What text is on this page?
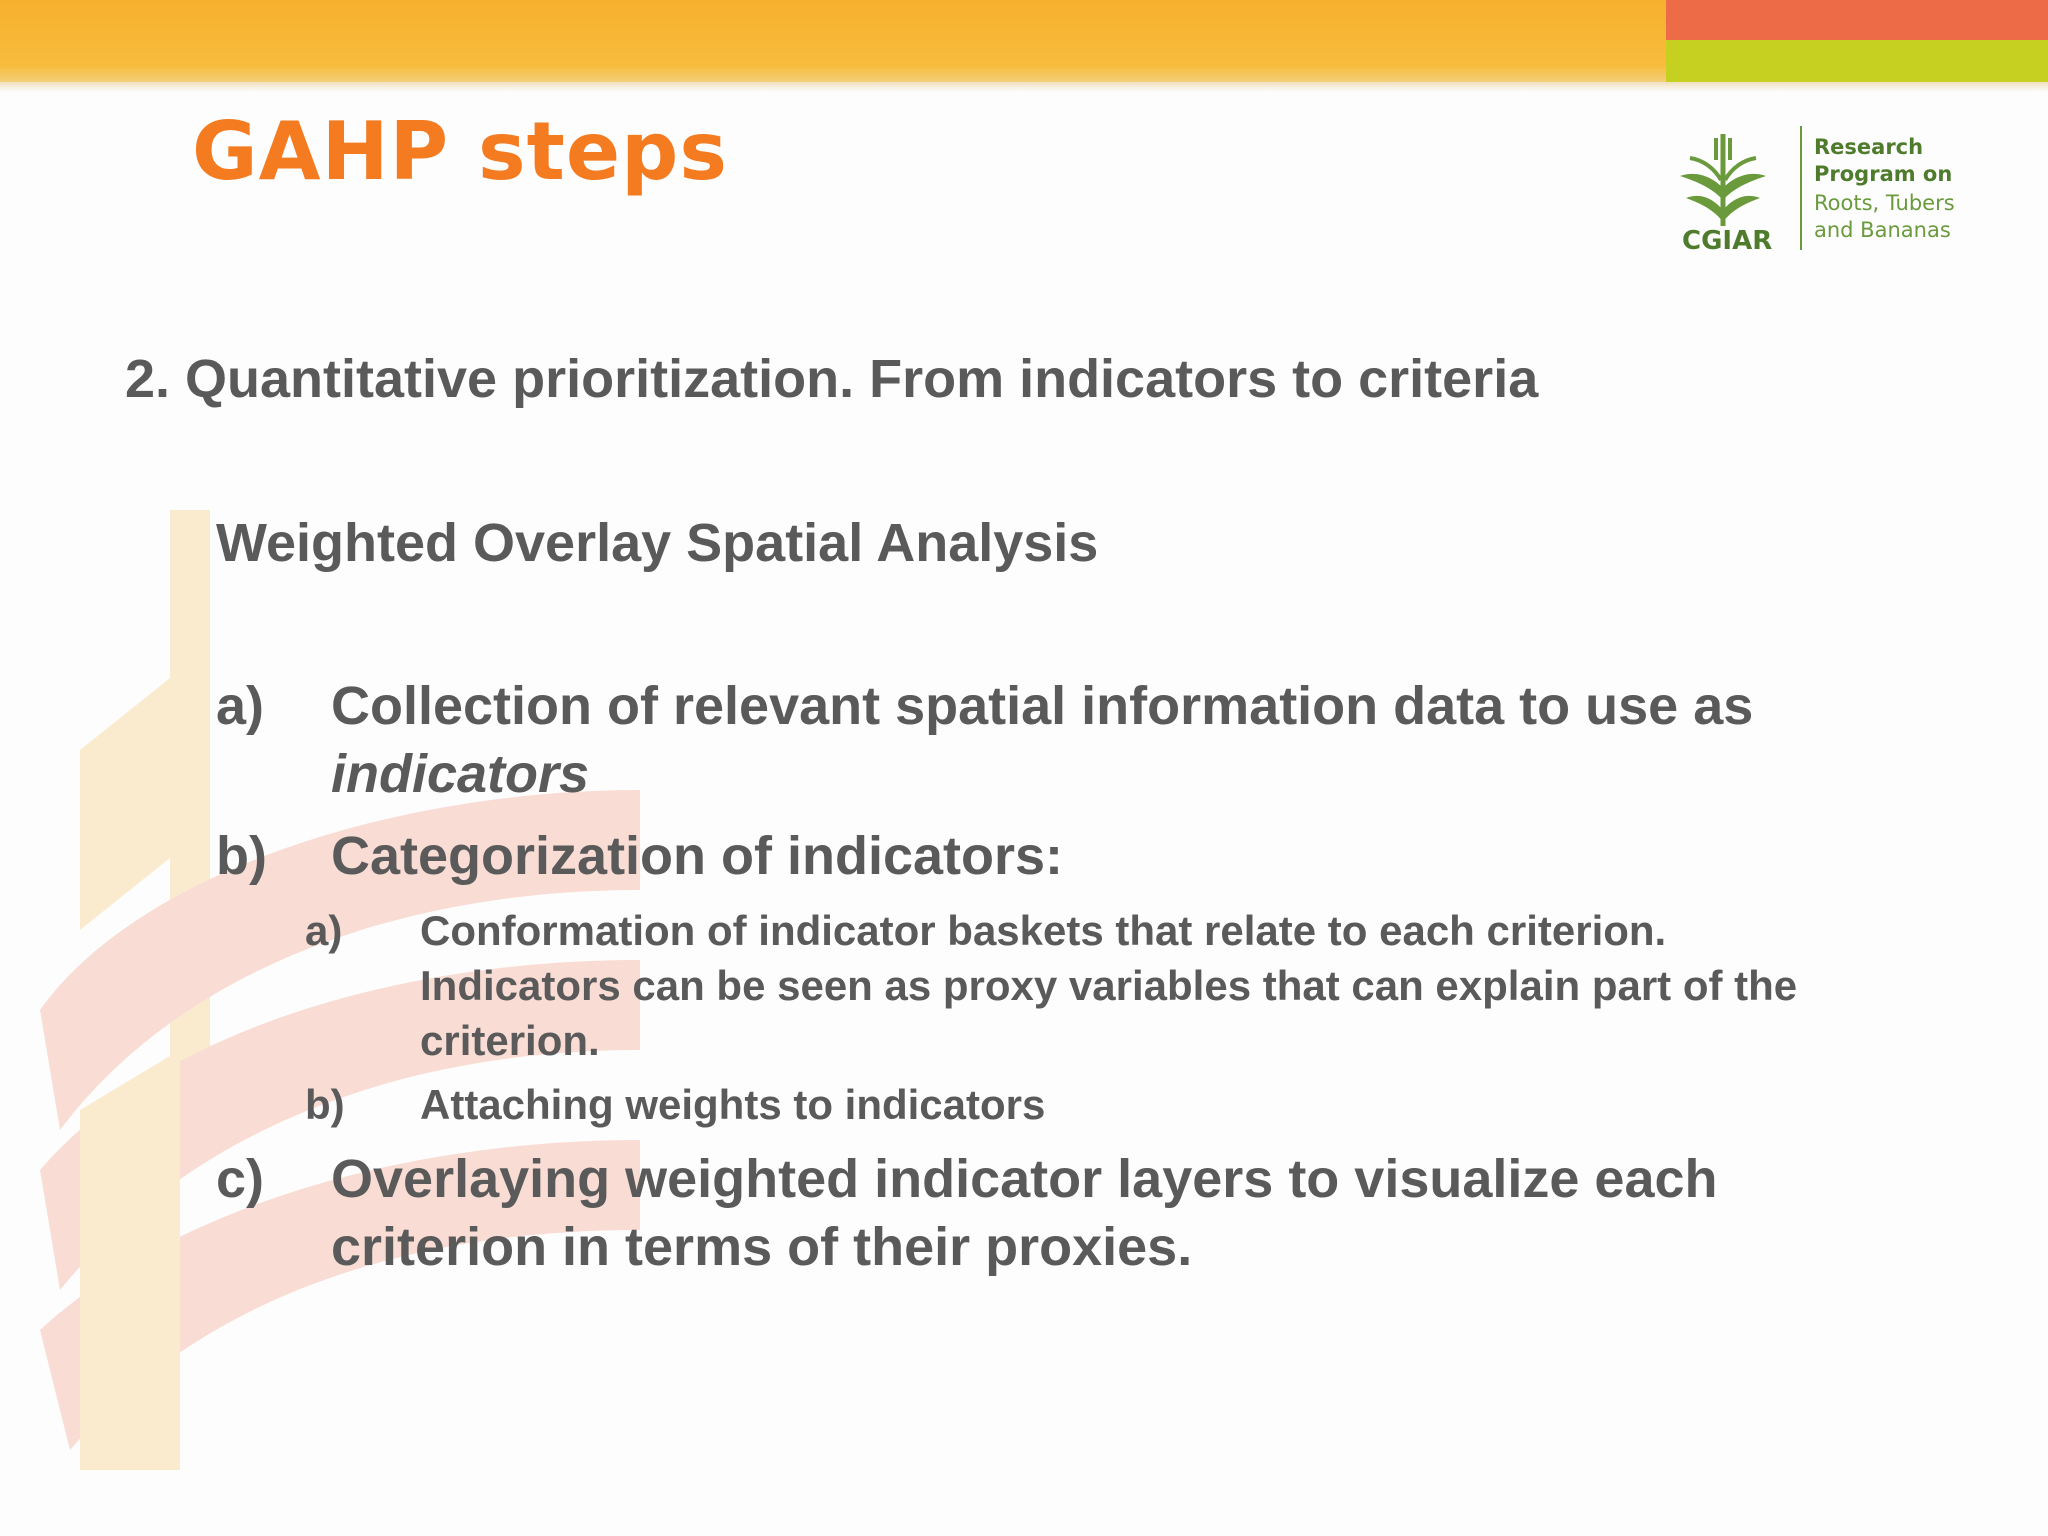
GAHP steps
CGIAR
Research
Program on
Roots, Tubers
and Bananas

2. Quantitative prioritization. From indicators to criteria

Weighted Overlay Spatial Analysis

a) Collection of relevant spatial information data to use as
indicators
b) Categorization of indicators:
a) Conformation of indicator baskets that relate to each criterion.
Indicators can be seen as proxy variables that can explain part of the
criterion.
b) Attaching weights to indicators
c) Overlaying weighted indicator layers to visualize each
criterion in terms of their proxies.
